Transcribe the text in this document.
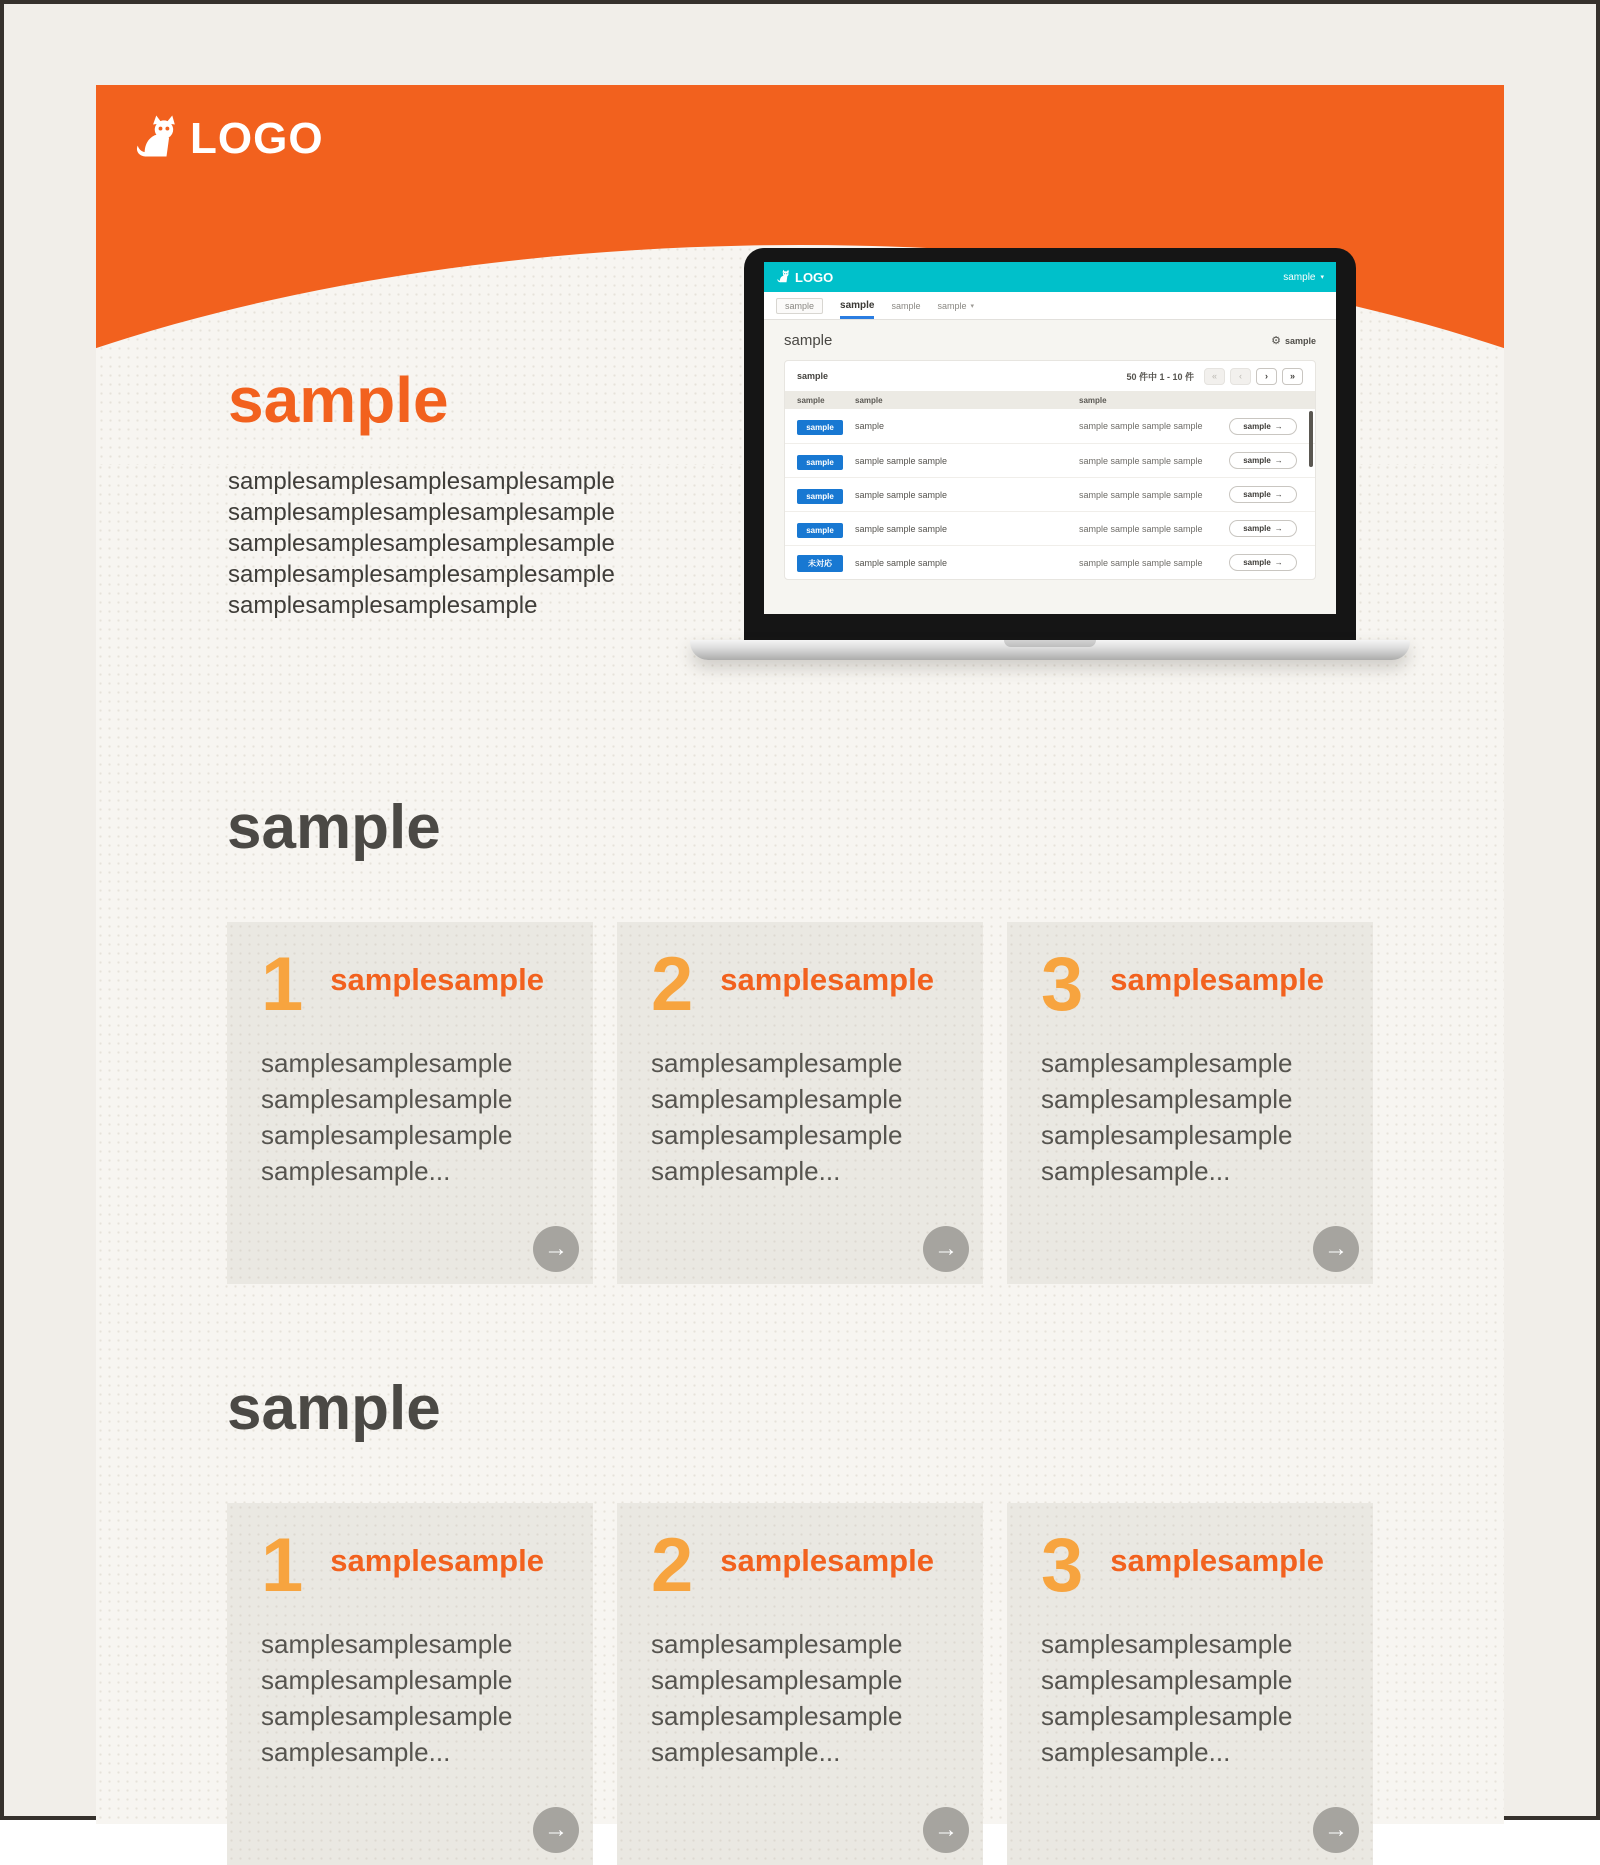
LOGO
sample
samplesamplesamplesamplesample
samplesamplesamplesamplesample
samplesamplesamplesamplesample
samplesamplesamplesamplesample
samplesamplesamplesample
LOGO	sample ▾
sample	sample sample sample ▾
sample	⚙ sample
sample	50 件中 1 - 10 件	«	‹	›	»
sample	sample	sample
sample	sample	sample sample sample sample	sample →
sample	sample sample sample	sample sample sample sample	sample →
sample	sample sample sample	sample sample sample sample	sample →
sample	sample sample sample	sample sample sample sample	sample →
未対応	sample sample sample	sample sample sample sample	sample →
sample
1 samplesample
samplesamplesample
samplesamplesample
samplesamplesample
samplesample...
→
2 samplesample
samplesamplesample
samplesamplesample
samplesamplesample
samplesample...
→
3 samplesample
samplesamplesample
samplesamplesample
samplesamplesample
samplesample...
→
sample
1 samplesample
samplesamplesample
samplesamplesample
samplesamplesample
samplesample...
→
2 samplesample
samplesamplesample
samplesamplesample
samplesamplesample
samplesample...
→
3 samplesample
samplesamplesample
samplesamplesample
samplesamplesample
samplesample...
→
